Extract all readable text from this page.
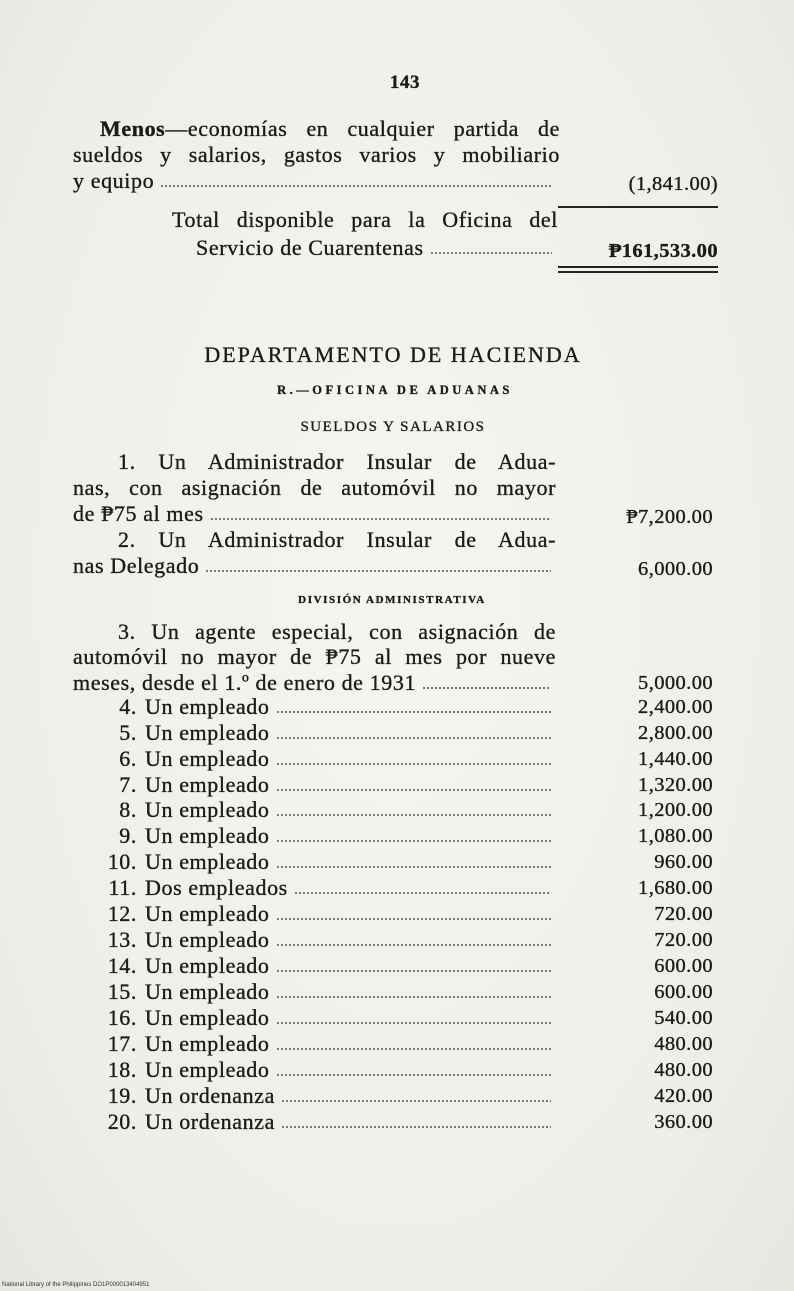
143
Menos—economías en cualquier partida de
sueldos y salarios, gastos varios y mobiliario
y equipo	(1,841.00)
Total disponible para la Oficina del
Servicio de Cuarentenas	₱161,533.00
DEPARTAMENTO DE HACIENDA
R.—OFICINA DE ADUANAS
SUELDOS Y SALARIOS
1. Un Administrador Insular de Adua-
nas, con asignación de automóvil no mayor
de ₱75 al mes	₱7,200.00
2. Un Administrador Insular de Adua-
nas Delegado	6,000.00
DIVISIÓN ADMINISTRATIVA
3. Un agente especial, con asignación de
automóvil no mayor de ₱75 al mes por nueve
meses, desde el 1.º de enero de 1931	5,000.00
4. Un empleado	2,400.00
5. Un empleado	2,800.00
6. Un empleado	1,440.00
7. Un empleado	1,320.00
8. Un empleado	1,200.00
9. Un empleado	1,080.00
10. Un empleado	960.00
11. Dos empleados	1,680.00
12. Un empleado	720.00
13. Un empleado	720.00
14. Un empleado	600.00
15. Un empleado	600.00
16. Un empleado	540.00
17. Un empleado	480.00
18. Un empleado	480.00
19. Un ordenanza	420.00
20. Un ordenanza	360.00
National Library of the Philippines DO1P000013404951
